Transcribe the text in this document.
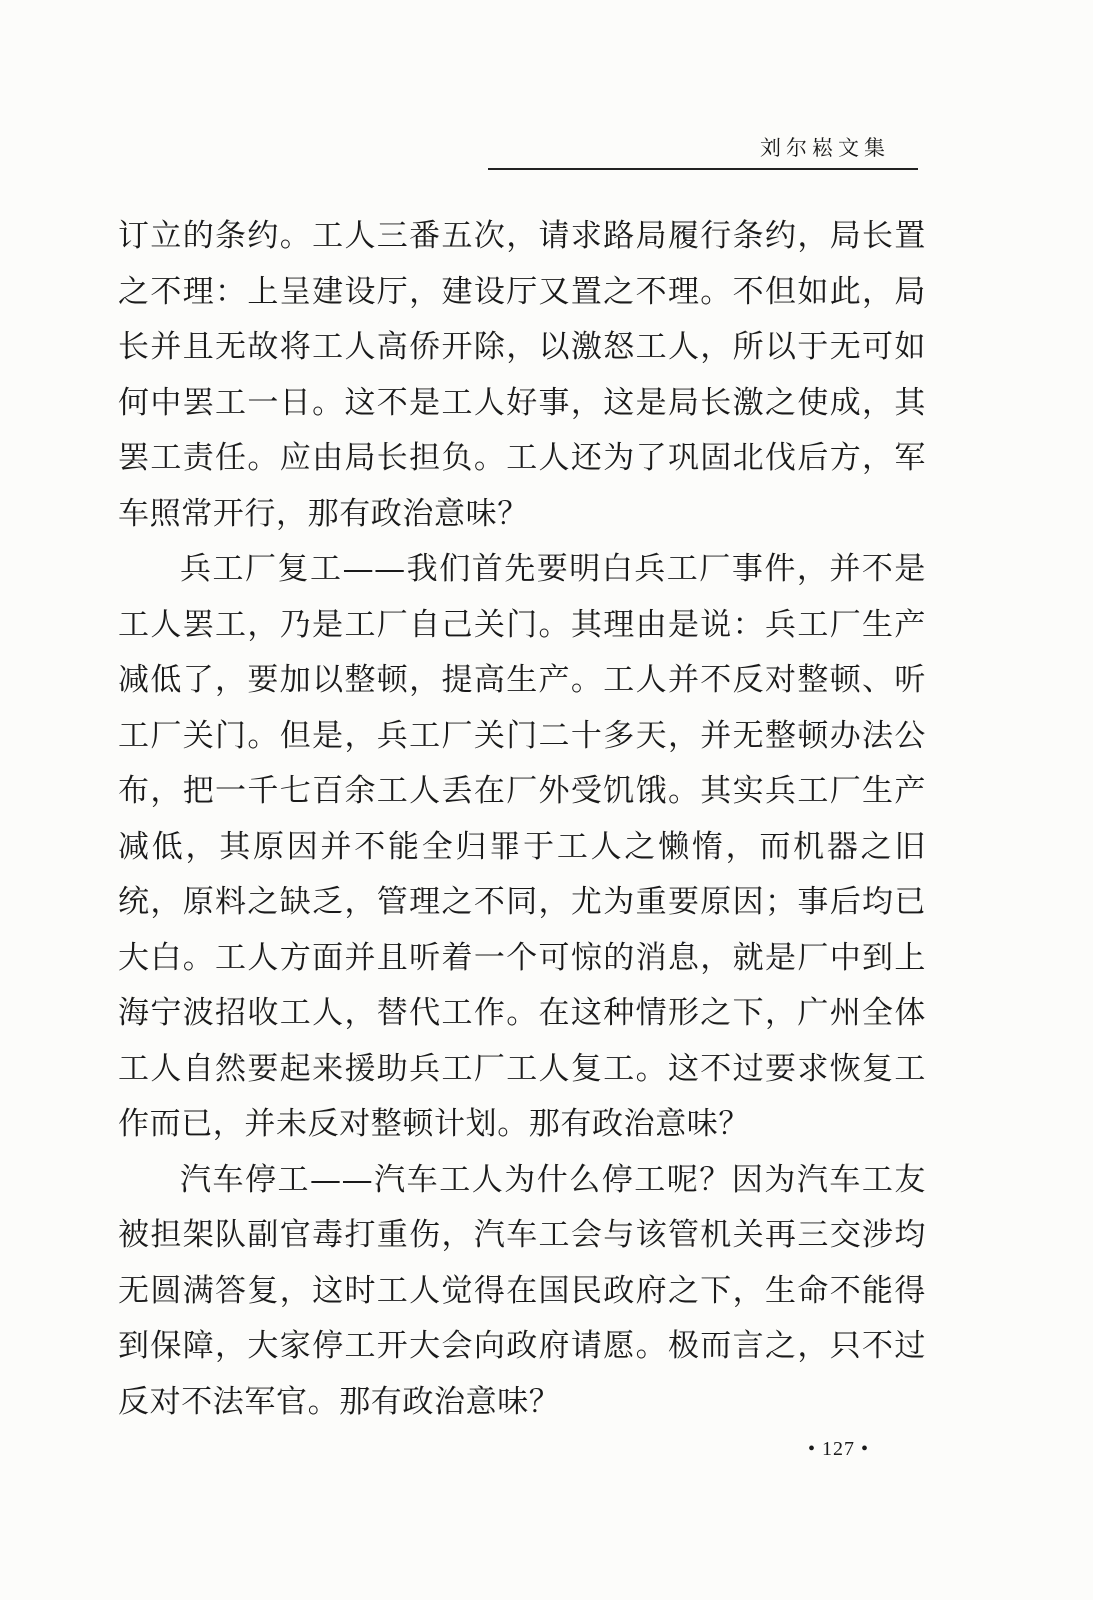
刘尔崧文集

订立的条约。工人三番五次，请求路局履行条约，局长置之不理：上呈建设厅，建设厅又置之不理。不但如此，局长并且无故将工人高侨开除，以激怒工人，所以于无可如何中罢工一日。这不是工人好事，这是局长激之使成，其罢工责任。应由局长担负。工人还为了巩固北伐后方，军车照常开行，那有政治意味？

兵工厂复工——我们首先要明白兵工厂事件，并不是工人罢工，乃是工厂自己关门。其理由是说：兵工厂生产减低了，要加以整顿，提高生产。工人并不反对整顿、听工厂关门。但是，兵工厂关门二十多天，并无整顿办法公布，把一千七百余工人丢在厂外受饥饿。其实兵工厂生产减低，其原因并不能全归罪于工人之懒惰，而机器之旧统，原料之缺乏，管理之不同，尤为重要原因；事后均已大白。工人方面并且听着一个可惊的消息，就是厂中到上海宁波招收工人，替代工作。在这种情形之下，广州全体工人自然要起来援助兵工厂工人复工。这不过要求恢复工作而已，并未反对整顿计划。那有政治意味？

汽车停工——汽车工人为什么停工呢？因为汽车工友被担架队副官毒打重伤，汽车工会与该管机关再三交涉均无圆满答复，这时工人觉得在国民政府之下，生命不能得到保障，大家停工开大会向政府请愿。极而言之，只不过反对不法军官。那有政治意味？

• 127 •
